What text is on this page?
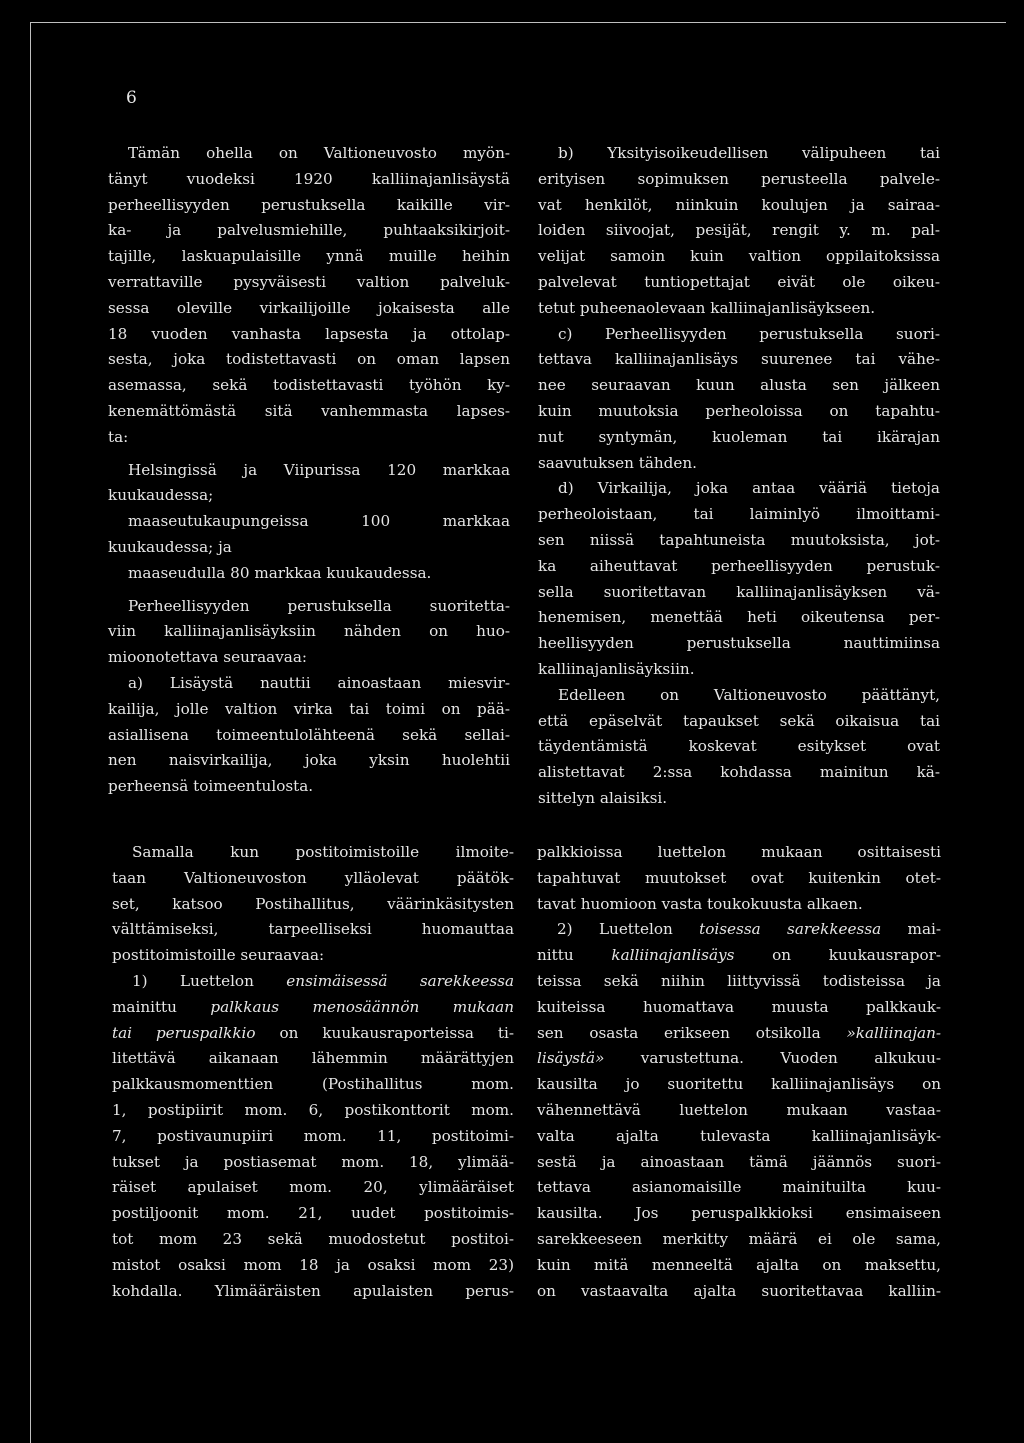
6
Tämän ohella on Valtioneuvosto myön-
tänyt vuodeksi 1920 kalliinajanlisäystä
perheellisyyden perustuksella kaikille vir-
ka- ja palvelusmiehille, puhtaaksikirjoit-
tajille, laskuapulaisille ynnä muille heihin
verrattaville pysyväisesti valtion palveluk-
sessa oleville virkailijoille jokaisesta alle
18 vuoden vanhasta lapsesta ja ottolap-
sesta, joka todistettavasti on oman lapsen
asemassa, sekä todistettavasti työhön ky-
kenemättömästä sitä vanhemmasta lapses-
ta:
Helsingissä ja Viipurissa 120 markkaa
kuukaudessa;
maaseutukaupungeissa 100 markkaa
kuukaudessa; ja
maaseudulla 80 markkaa kuukaudessa.
Perheellisyyden perustuksella suoritetta-
viin kalliinajanlisäyksiin nähden on huo-
mioonotettava seuraavaa:
a) Lisäystä nauttii ainoastaan miesvir-
kailija, jolle valtion virka tai toimi on pää-
asiallisena toimeentulolähteenä sekä sellai-
nen naisvirkailija, joka yksin huolehtii
perheensä toimeentulosta.
b) Yksityisoikeudellisen välipuheen tai
erityisen sopimuksen perusteella palvele-
vat henkilöt, niinkuin koulujen ja sairaa-
loiden siivoojat, pesijät, rengit y. m. pal-
velijat samoin kuin valtion oppilaitoksissa
palvelevat tuntiopettajat eivät ole oikeu-
tetut puheenaolevaan kalliinajanlisäykseen.
c) Perheellisyyden perustuksella suori-
tettava kalliinajanlisäys suurenee tai vähe-
nee seuraavan kuun alusta sen jälkeen
kuin muutoksia perheoloissa on tapahtu-
nut syntymän, kuoleman tai ikärajan
saavutuksen tähden.
d) Virkailija, joka antaa vääriä tietoja
perheoloistaan, tai laiminlyö ilmoittami-
sen niissä tapahtuneista muutoksista, jot-
ka aiheuttavat perheellisyyden perustuk-
sella suoritettavan kalliinajanlisäyksen vä-
henemisen, menettää heti oikeutensa per-
heellisyyden perustuksella nauttimiinsa
kalliinajanlisäyksiin.
Edelleen on Valtioneuvosto päättänyt,
että epäselvät tapaukset sekä oikaisua tai
täydentämistä koskevat esitykset ovat
alistettavat 2:ssa kohdassa mainitun kä-
sittelyn alaisiksi.
Samalla kun postitoimistoille ilmoite-
taan Valtioneuvoston ylläolevat päätök-
set, katsoo Postihallitus, väärinkäsitysten
välttämiseksi, tarpeelliseksi huomauttaa
postitoimistoille seuraavaa:
1) Luettelon ensimäisessä sarekkeessa
mainittu palkkaus menosäännön mukaan
tai peruspalkkio on kuukausraporteissa ti-
litettävä aikanaan lähemmin määrättyjen
palkkausmomenttien (Postihallitus mom.
1, postipiirit mom. 6, postikonttorit mom.
7, postivaunupiiri mom. 11, postitoimi-
tukset ja postiasemat mom. 18, ylimää-
räiset apulaiset mom. 20, ylimääräiset
postiljoonit mom. 21, uudet postitoimis-
tot mom 23 sekä muodostetut postitoi-
mistot osaksi mom 18 ja osaksi mom 23)
kohdalla. Ylimääräisten apulaisten perus-
palkkioissa luettelon mukaan osittaisesti
tapahtuvat muutokset ovat kuitenkin otet-
tavat huomioon vasta toukokuusta alkaen.
2) Luettelon toisessa sarekkeessa mai-
nittu kalliinajanlisäys on kuukausrapor-
teissa sekä niihin liittyvissä todisteissa ja
kuiteissa huomattava muusta palkkauk-
sen osasta erikseen otsikolla »kalliinajan-
lisäystä» varustettuna. Vuoden alkukuu-
kausilta jo suoritettu kalliinajanlisäys on
vähennettävä luettelon mukaan vastaa-
valta ajalta tulevasta kalliinajanlisäyk-
sestä ja ainoastaan tämä jäännös suori-
tettava asianomaisille mainituilta kuu-
kausilta. Jos peruspalkkioksi ensimaiseen
sarekkeeseen merkitty määrä ei ole sama,
kuin mitä menneeltä ajalta on maksettu,
on vastaavalta ajalta suoritettavaa kalliin-
